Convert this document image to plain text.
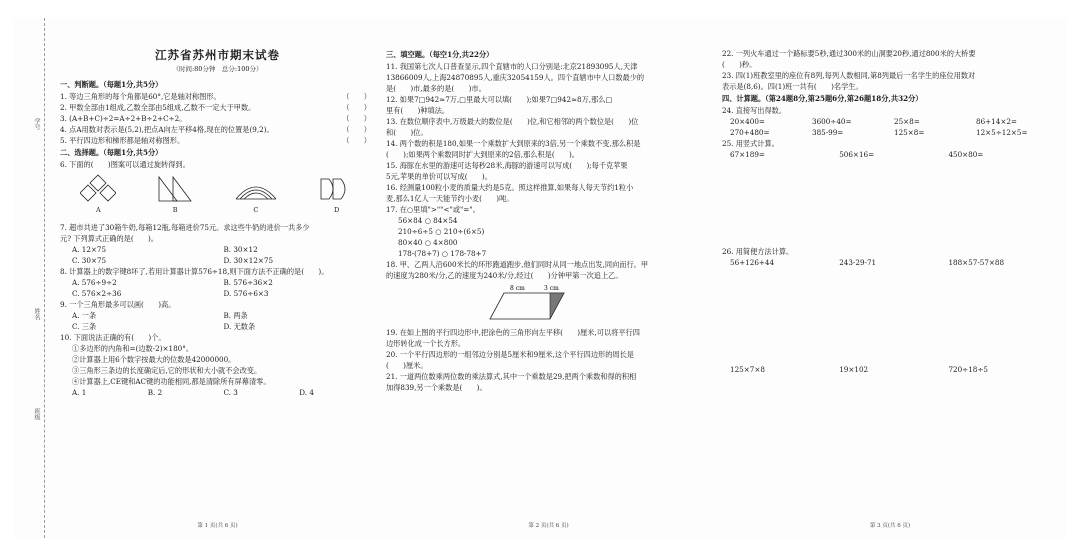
学号
姓名
班级
江苏省苏州市期末试卷
（时间:80分钟　总分:100分）
一、判断题。（每题1分,共5分）
1. 等边三角形的每个角都是60°,它是轴对称图形。	（　　）
2. 甲数全部由1组成,乙数全部由5组成,乙数不一定大于甲数。	（　　）
3. (A+B+C)÷2=A÷2+B÷2+C÷2。	（　　）
4. 点A用数对表示是(5,2),把点A向左平移4格,现在的位置是(9,2)。	（　　）
5. 平行四边形和梯形都是轴对称图形。	（　　）
二、选择题。（每题1分,共5分）
6. 下面的(　　)图案可以通过旋转得到。
A	B	C	D
7. 超市共进了30箱牛奶,每箱12瓶,每箱进价75元。求这些牛奶的进价一共多少
元? 下列算式正确的是(　　)。
A. 12×75	B. 30×12
C. 30×75	D. 30×12×75
8. 计算器上的数字键8坏了,若用计算器计算576÷18,则下面方法不正确的是(　　)。
A. 576÷9÷2	B. 576÷36×2
C. 576×2÷36	D. 576÷6×3
9. 一个三角形最多可以画(　　)高。
A. 一条	B. 两条
C. 三条	D. 无数条
10. 下面说法正确的有(　　)个。
①多边形的内角和=(边数-2)×180°。
②计算器上用6个数字按最大的位数是42000000。
③三角形三条边的长度确定后,它的形状和大小就不会改变。
④计算器上,CE键和AC键的功能相同,都是清除所有屏幕清零。
A. 1	B. 2	C. 3	D. 4
第 1 页(共 6 页)
三、填空题。（每空1分,共22分）
11. 我国第七次人口普查显示,四个直辖市的人口分别是:北京21893095人,天津
13866009人,上海24870895人,重庆32054159人。四个直辖市中人口数最少的
是(　　)市,最多的是(　　)市。
12. 如果7□942≈7万,□里最大可以填(　　);如果7□942≈8万,那么□
里有(　　)种填法。
13. 在数位顺序表中,万级最大的数位是(　　)位,和它相邻的两个数位是(　　)位
和(　　)位。
14. 两个数的积是180,如果一个乘数扩大到原来的3倍,另一个乘数不变,那么积是
(　　);如果两个乘数同时扩大到原来的2倍,那么积是(　　)。
15. 海豚在水里的游速可达每秒28米,海豚的游速可以写成(　　);每千克苹果
5元,苹果的单价可以写成(　　)。
16. 经测量100粒小麦的质量大约是5克。照这样推算,如果每人每天节约1粒小
麦,那么1亿人一天能节约小麦(　　)吨。
17. 在○里填">""<"或"="。
56×84 ○ 84×54
210÷6÷5 ○ 210÷(6×5)
80×40 ○ 4×800
178-(78+7) ○ 178-78+7
18. 甲、乙两人沿600米长的环形跑道跑步,他们同时从同一地点出发,同向而行。甲
的速度为280米/分,乙的速度为240米/分,经过(　　)分钟甲第一次追上乙。
8 cm	3 cm
19. 在如上图的平行四边形中,把涂色的三角形向左平移(　　)厘米,可以将平行四
边形转化成一个长方形。
20. 一个平行四边形的一组邻边分别是5厘米和9厘米,这个平行四边形的周长是
(　　)厘米。
21. 一道两位数乘两位数的乘法算式,其中一个乘数是29,把两个乘数和得的积相
加得839,另一个乘数是(　　)。
第 2 页(共 6 页)
22. 一列火车通过一个路标要5秒,通过300米的山洞要20秒,通过800米的大桥要
(　　)秒。
23. 四(1)班教室里的座位有8列,每列人数相同,第8列最后一名学生的座位用数对
表示是(8,6)。四(1)班一共有(　　)名学生。
四、计算题。（第24题8分,第25题6分,第26题18分,共32分）
24. 直接写出得数。
20×400=	3600÷40=	25×8=	86+14×2=
270+480=	385-99=	125×8=	12×5÷12×5=
25. 用竖式计算。
67×189=	506×16=	450×80=
26. 用简便方法计算。
56+126+44	243-29-71	188×57-57×88
125×7×8	19×102	720÷18÷5
第 3 页(共 6 页)
